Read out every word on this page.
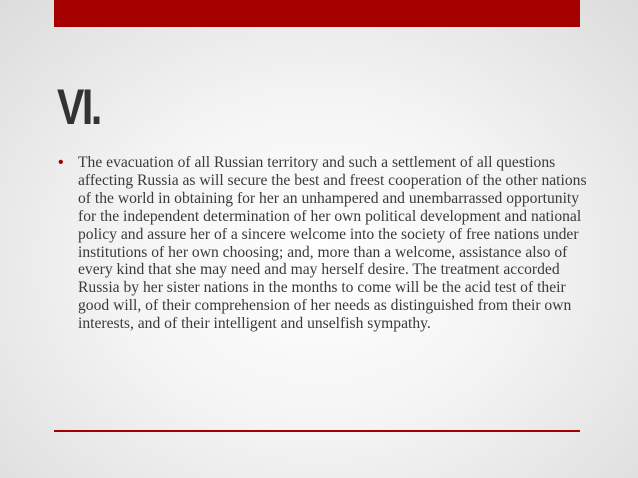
VI.
• The evacuation of all Russian territory and such a settlement of all questions affecting Russia as will secure the best and freest cooperation of the other nations of the world in obtaining for her an unhampered and unembarrassed opportunity for the independent determination of her own political development and national policy and assure her of a sincere welcome into the society of free nations under institutions of her own choosing; and, more than a welcome, assistance also of every kind that she may need and may herself desire. The treatment accorded Russia by her sister nations in the months to come will be the acid test of their good will, of their comprehension of her needs as distinguished from their own interests, and of their intelligent and unselfish sympathy.
